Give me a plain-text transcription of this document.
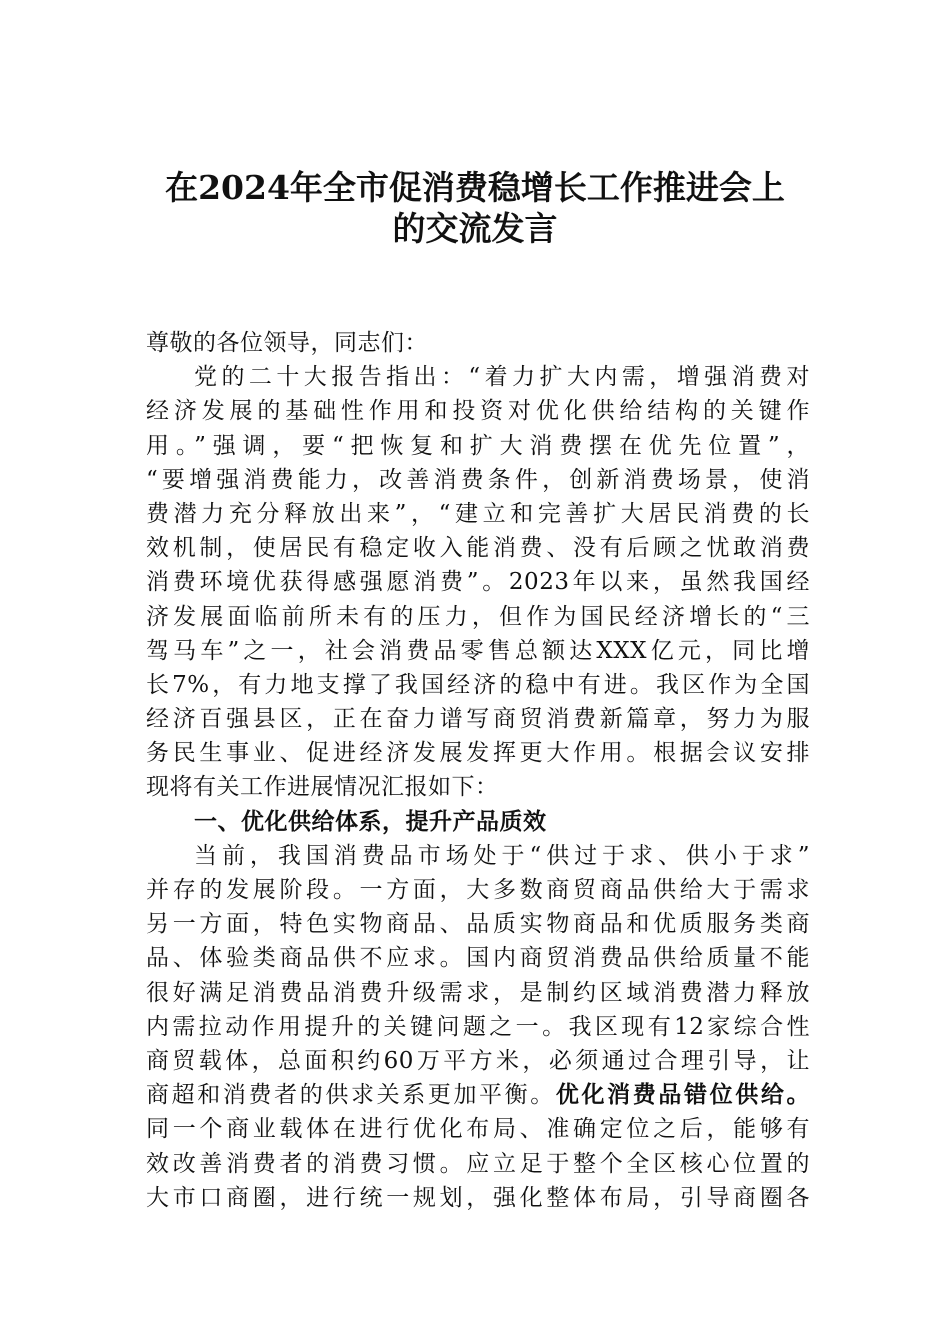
在2024年全市促消费稳增长工作推进会上
的交流发言
尊敬的各位领导，同志们：
党的二十大报告指出：“着力扩大内需，增强消费对
经济发展的基础性作用和投资对优化供给结构的关键作
用。”强调，要“把恢复和扩大消费摆在优先位置”，
“要增强消费能力，改善消费条件，创新消费场景，使消
费潜力充分释放出来”，“建立和完善扩大居民消费的长
效机制，使居民有稳定收入能消费、没有后顾之忧敢消费
消费环境优获得感强愿消费”。2023年以来，虽然我国经
济发展面临前所未有的压力，但作为国民经济增长的“三
驾马车”之一，社会消费品零售总额达XXX亿元，同比增
长7%，有力地支撑了我国经济的稳中有进。我区作为全国
经济百强县区，正在奋力谱写商贸消费新篇章，努力为服
务民生事业、促进经济发展发挥更大作用。根据会议安排
现将有关工作进展情况汇报如下：
一、优化供给体系，提升产品质效
当前，我国消费品市场处于“供过于求、供小于求”
并存的发展阶段。一方面，大多数商贸商品供给大于需求
另一方面，特色实物商品、品质实物商品和优质服务类商
品、体验类商品供不应求。国内商贸消费品供给质量不能
很好满足消费品消费升级需求，是制约区域消费潜力释放
内需拉动作用提升的关键问题之一。我区现有12家综合性
商贸载体，总面积约60万平方米，必须通过合理引导，让
商超和消费者的供求关系更加平衡。优化消费品错位供给。
同一个商业载体在进行优化布局、准确定位之后，能够有
效改善消费者的消费习惯。应立足于整个全区核心位置的
大市口商圈，进行统一规划，强化整体布局，引导商圈各
